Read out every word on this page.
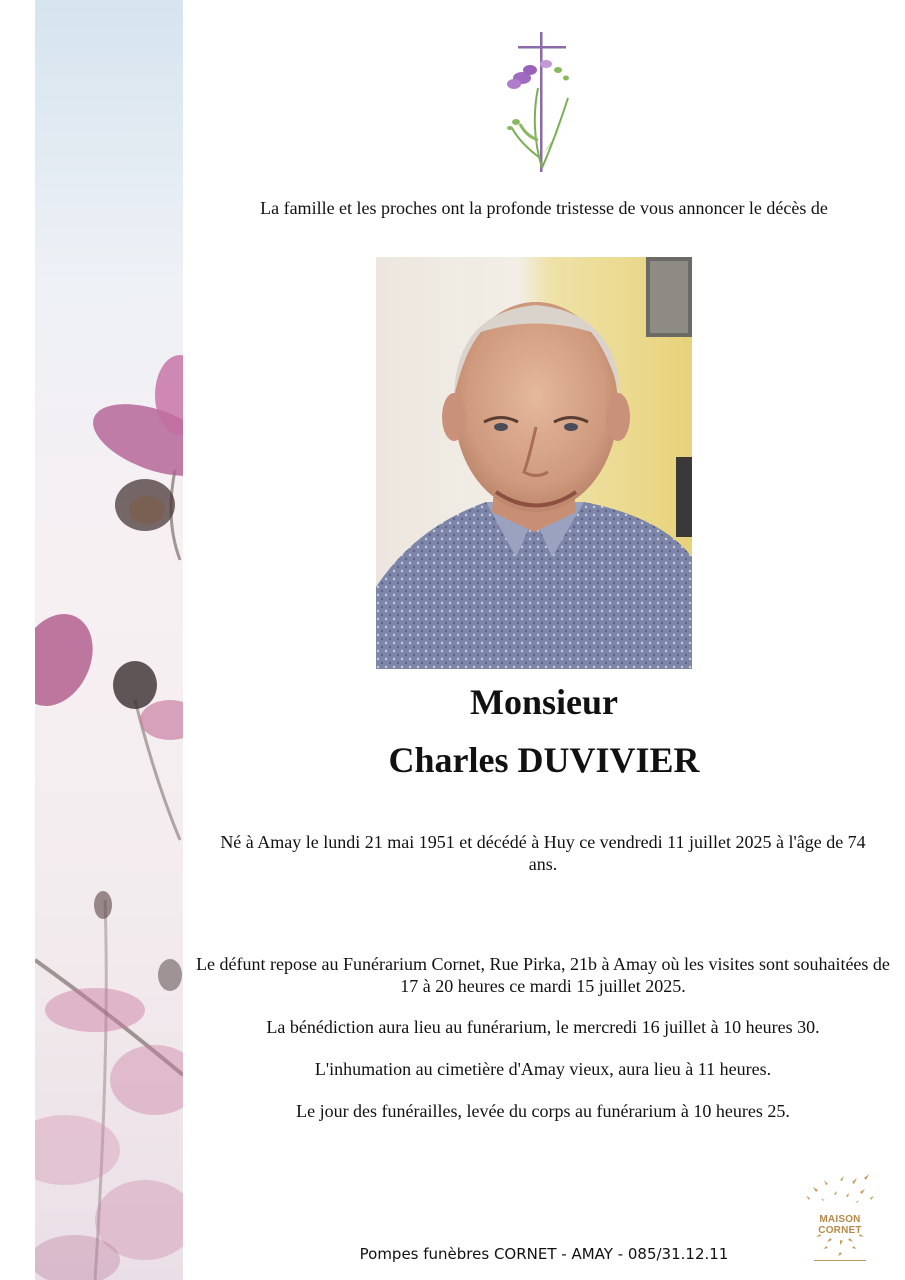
La famille et les proches ont la profonde tristesse de vous annoncer le décès de
Monsieur
Charles DUVIVIER
Né à Amay le lundi 21 mai 1951 et décédé à Huy ce vendredi 11 juillet 2025 à l'âge de 74 ans.
Le défunt repose au Funérarium Cornet, Rue Pirka, 21b à Amay où les visites sont souhaitées de 17 à 20 heures ce mardi 15 juillet 2025.
La bénédiction aura lieu au funérarium, le mercredi 16 juillet à 10 heures 30.
L'inhumation au cimetière d'Amay vieux, aura lieu à 11 heures.
Le jour des funérailles, levée du corps au funérarium à 10 heures 25.
MAISON CORNET
Pompes funèbres CORNET - AMAY - 085/31.12.11
